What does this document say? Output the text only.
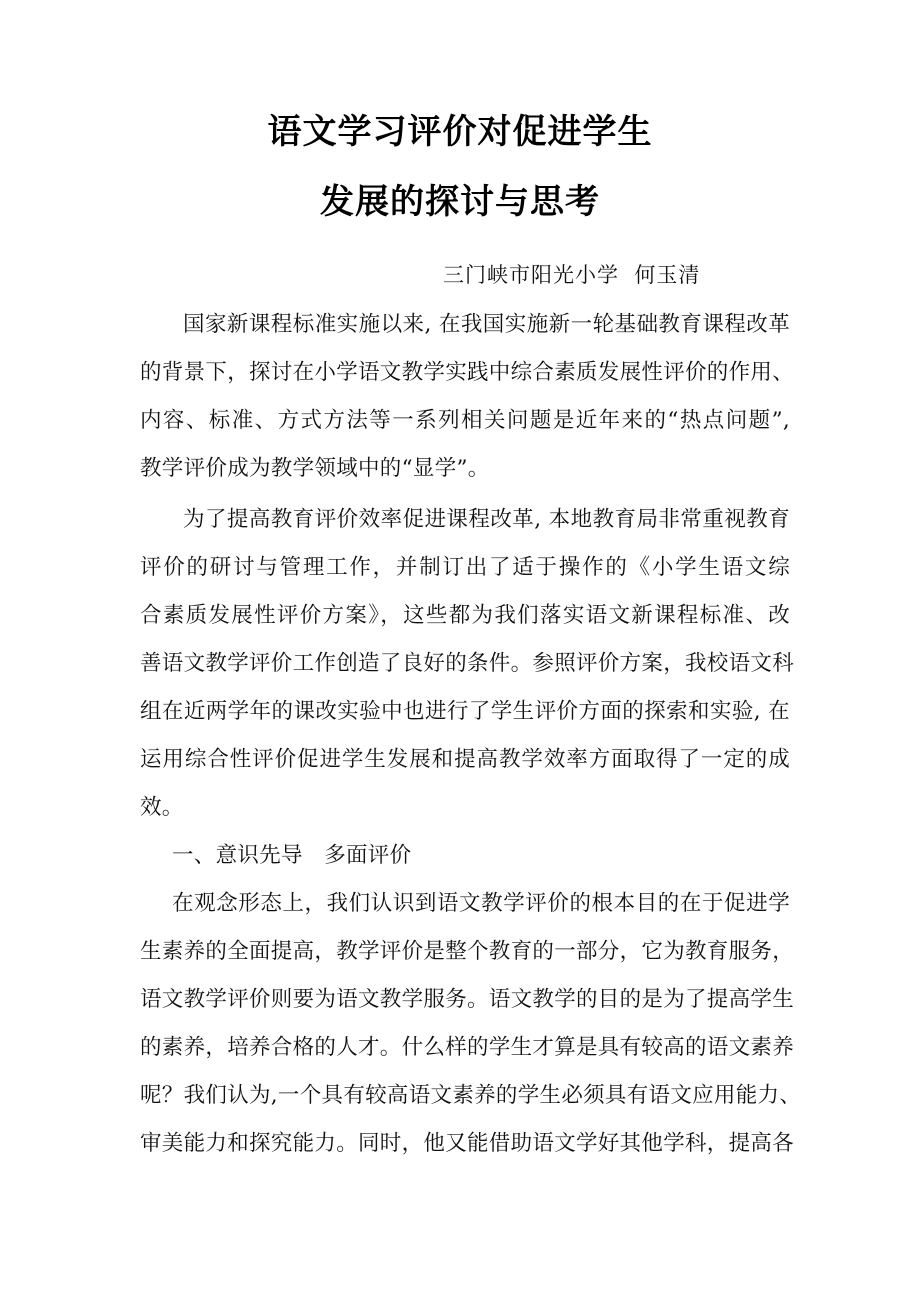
语文学习评价对促进学生
发展的探讨与思考
三门峡市阳光小学  何玉清
国家新课程标准实施以来, 在我国实施新一轮基础教育课程改革
的背景下，探讨在小学语文教学实践中综合素质发展性评价的作用、
内容、标准、方式方法等一系列相关问题是近年来的“热点问题”,
教学评价成为教学领域中的“显学”。
为了提高教育评价效率促进课程改革, 本地教育局非常重视教育
评价的研讨与管理工作，并制订出了适于操作的《小学生语文综
合素质发展性评价方案》，这些都为我们落实语文新课程标准、改
善语文教学评价工作创造了良好的条件。参照评价方案，我校语文科
组在近两学年的课改实验中也进行了学生评价方面的探索和实验, 在
运用综合性评价促进学生发展和提高教学效率方面取得了一定的成
效。
一、意识先导   多面评价
在观念形态上，我们认识到语文教学评价的根本目的在于促进学
生素养的全面提高，教学评价是整个教育的一部分，它为教育服务，
语文教学评价则要为语文教学服务。语文教学的目的是为了提高学生
的素养，培养合格的人才。什么样的学生才算是具有较高的语文素养
呢？我们认为,一个具有较高语文素养的学生必须具有语文应用能力、
审美能力和探究能力。同时，他又能借助语文学好其他学科，提高各
